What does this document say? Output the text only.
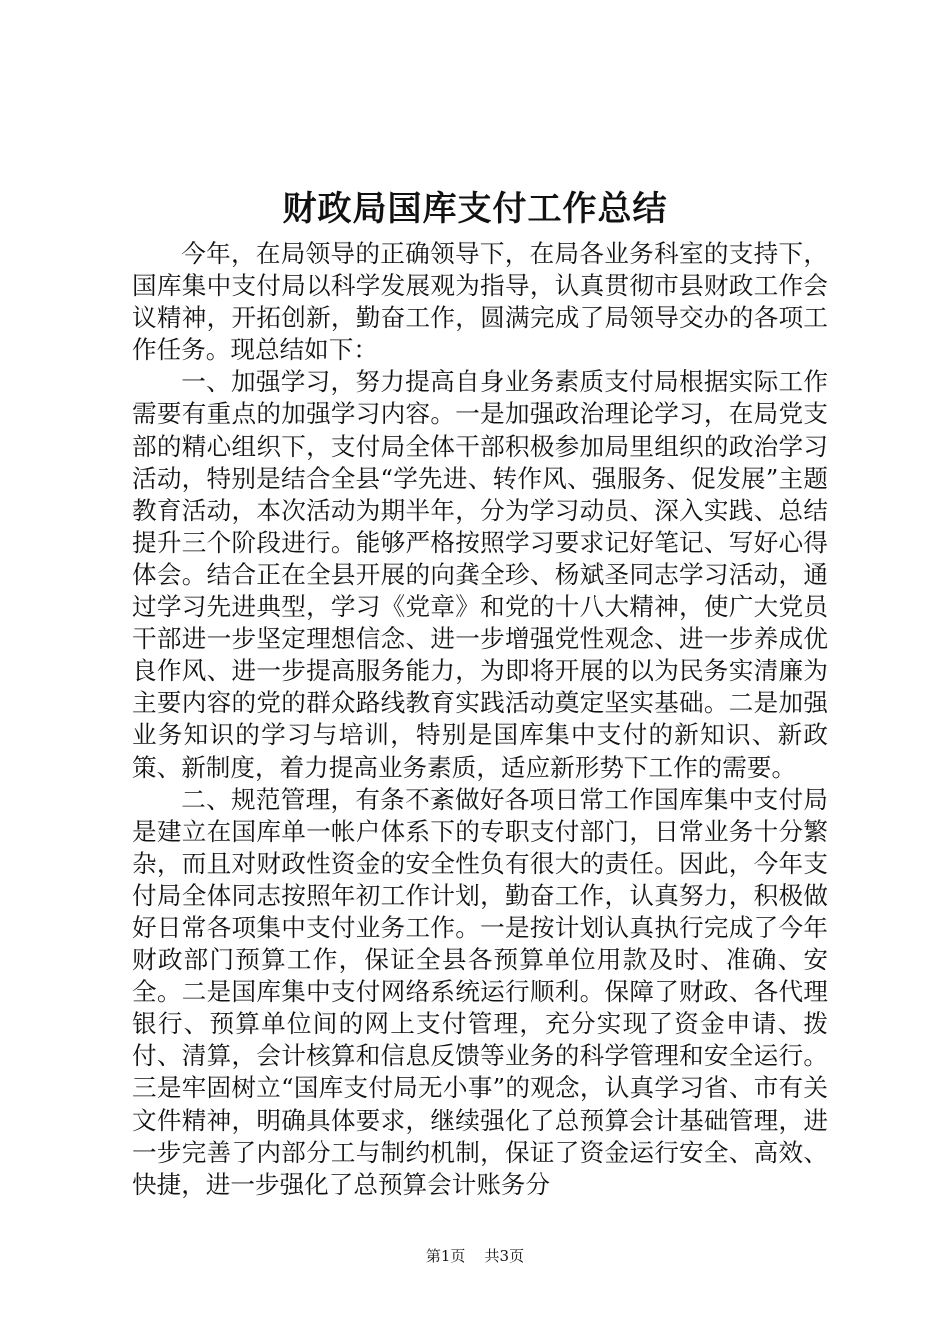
财政局国库支付工作总结

今年，在局领导的正确领导下，在局各业务科室的支持下，国库集中支付局以科学发展观为指导，认真贯彻市县财政工作会议精神，开拓创新，勤奋工作，圆满完成了局领导交办的各项工作任务。现总结如下：

一、加强学习，努力提高自身业务素质支付局根据实际工作需要有重点的加强学习内容。一是加强政治理论学习，在局党支部的精心组织下，支付局全体干部积极参加局里组织的政治学习活动，特别是结合全县“学先进、转作风、强服务、促发展”主题教育活动，本次活动为期半年，分为学习动员、深入实践、总结提升三个阶段进行。能够严格按照学习要求记好笔记、写好心得体会。结合正在全县开展的向龚全珍、杨斌圣同志学习活动，通过学习先进典型，学习《党章》和党的十八大精神，使广大党员干部进一步坚定理想信念、进一步增强党性观念、进一步养成优良作风、进一步提高服务能力，为即将开展的以为民务实清廉为主要内容的党的群众路线教育实践活动奠定坚实基础。二是加强业务知识的学习与培训，特别是国库集中支付的新知识、新政策、新制度，着力提高业务素质，适应新形势下工作的需要。

二、规范管理，有条不紊做好各项日常工作国库集中支付局是建立在国库单一帐户体系下的专职支付部门，日常业务十分繁杂，而且对财政性资金的安全性负有很大的责任。因此，今年支付局全体同志按照年初工作计划，勤奋工作，认真努力，积极做好日常各项集中支付业务工作。一是按计划认真执行完成了今年财政部门预算工作，保证全县各预算单位用款及时、准确、安全。二是国库集中支付网络系统运行顺利。保障了财政、各代理银行、预算单位间的网上支付管理，充分实现了资金申请、拨付、清算，会计核算和信息反馈等业务的科学管理和安全运行。三是牢固树立“国库支付局无小事”的观念，认真学习省、市有关文件精神，明确具体要求，继续强化了总预算会计基础管理，进一步完善了内部分工与制约机制，保证了资金运行安全、高效、快捷，进一步强化了总预算会计账务分

第1页 共3页
